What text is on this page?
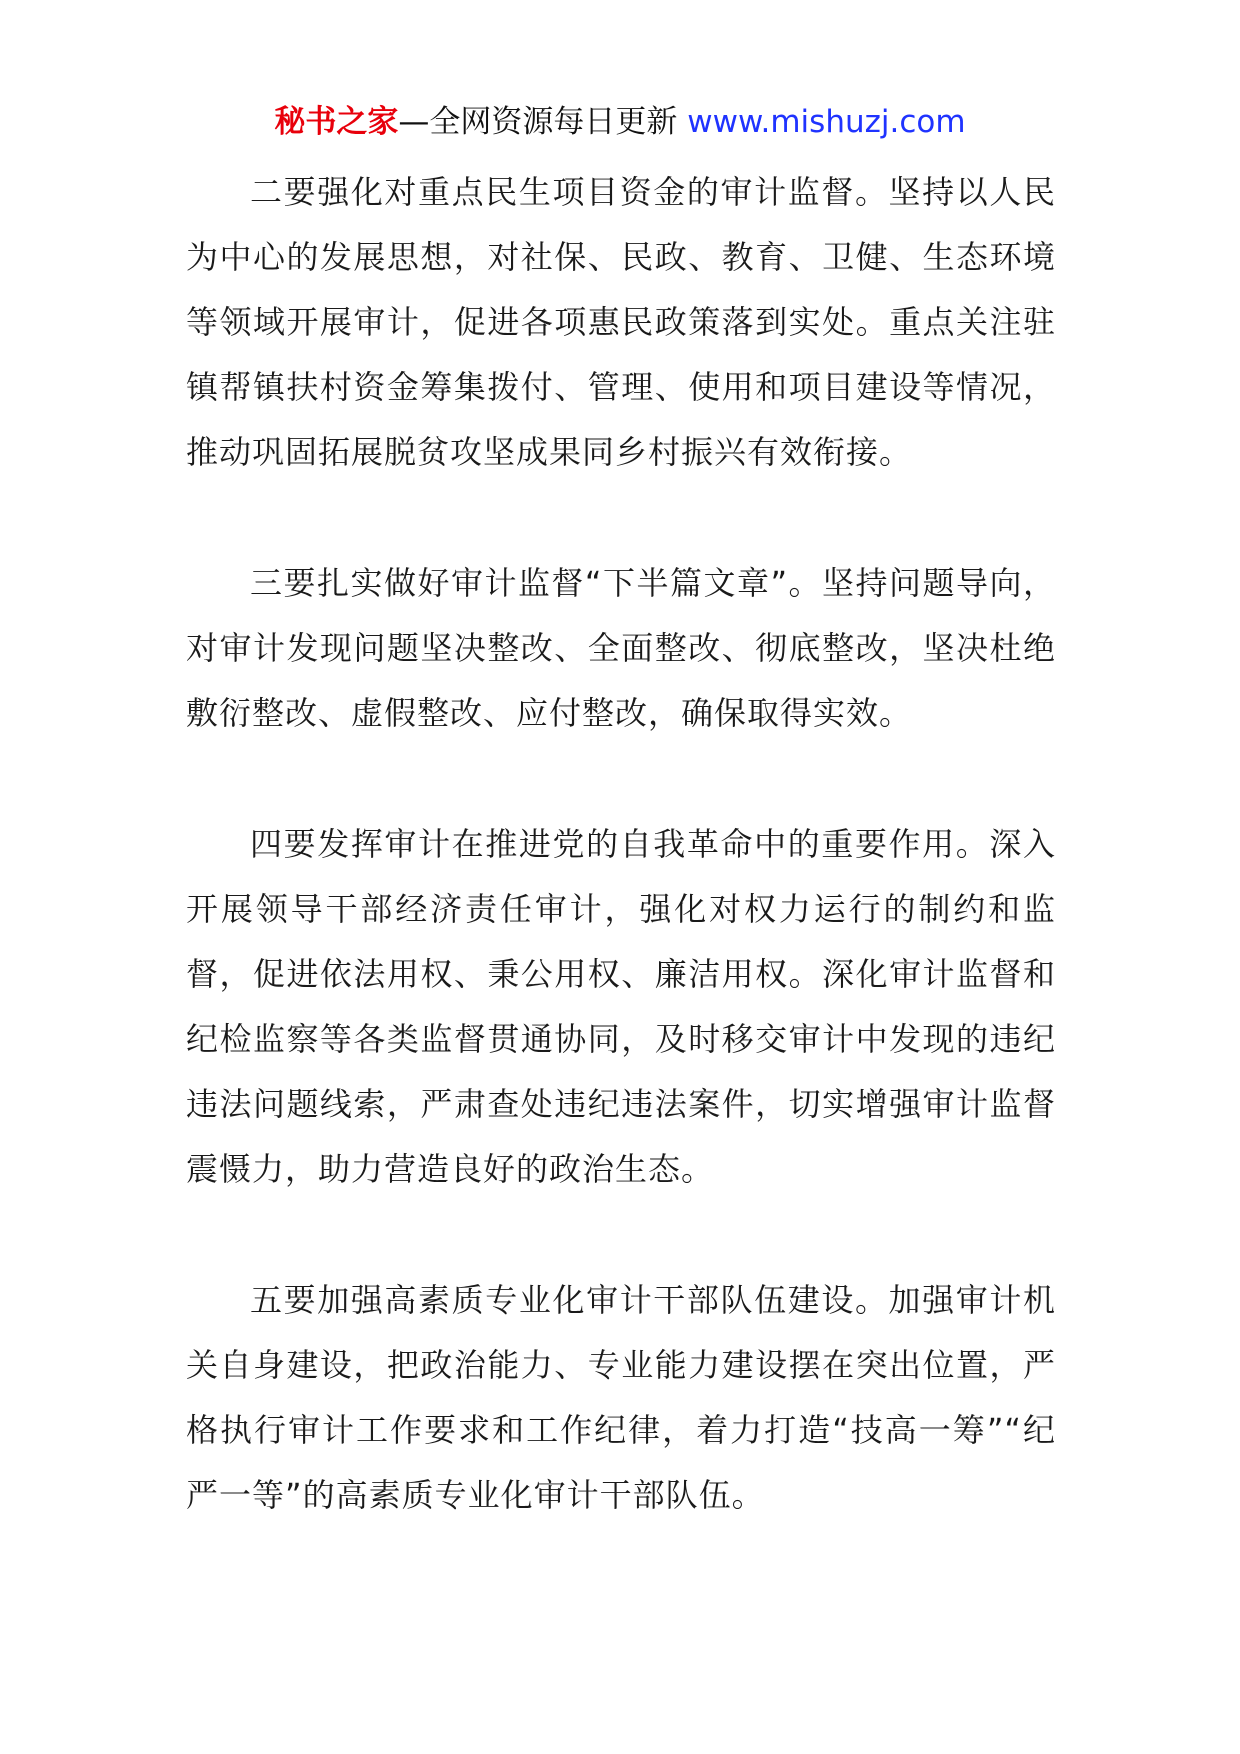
秘书之家—全网资源每日更新 www.mishuzj.com

二要强化对重点民生项目资金的审计监督。坚持以人民为中心的发展思想，对社保、民政、教育、卫健、生态环境等领域开展审计，促进各项惠民政策落到实处。重点关注驻镇帮镇扶村资金筹集拨付、管理、使用和项目建设等情况，推动巩固拓展脱贫攻坚成果同乡村振兴有效衔接。

三要扎实做好审计监督“下半篇文章”。坚持问题导向，对审计发现问题坚决整改、全面整改、彻底整改，坚决杜绝敷衍整改、虚假整改、应付整改，确保取得实效。

四要发挥审计在推进党的自我革命中的重要作用。深入开展领导干部经济责任审计，强化对权力运行的制约和监督，促进依法用权、秉公用权、廉洁用权。深化审计监督和纪检监察等各类监督贯通协同，及时移交审计中发现的违纪违法问题线索，严肃查处违纪违法案件，切实增强审计监督震慑力，助力营造良好的政治生态。

五要加强高素质专业化审计干部队伍建设。加强审计机关自身建设，把政治能力、专业能力建设摆在突出位置，严格执行审计工作要求和工作纪律，着力打造“技高一筹”“纪严一等”的高素质专业化审计干部队伍。
